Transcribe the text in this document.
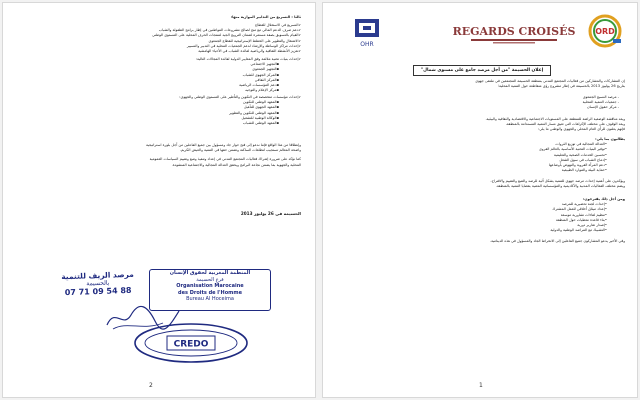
ثالثا : التسريع من التدابير الموازية منها:
✔ التسريع في الاستغلال للقطاع
✔ دعم صرف الدعم المالي مع منح لصالح مشروعات المواطنين في إطار برامج الطفولة والشباب
✔ القيام بالتسويق بصفة مستمرة لضمان الترويج الجيد لمنتجات الحرف المحلية على المستوى الوطني
✔ الاشتغال والتطوير على الخطط الإستراتيجية للقطاع الجمعوي
✔ إحداث مراكز الوساطة والإرشاد لدعم الجمعيات المحلية في التدبير والتسيير
✔ تعزيز الأنشطة الثقافية والرياضية لفائدة الشباب في الأحياء الهامشية
✔ إحداث بنيات تحتية ملائمة وفق المعايير الدولية لفائدة المجالات التالية:
▪ التجهيز الاجتماعي
▪ التجهيز الجمعوي
▪ المركز الجهوي للشباب
▪ المركز الثقافي
▪ دعم المؤسسات الرياضية
▪ مركز الإعلام والتوجيه
✔ إحداث مؤسسات متخصصة في التكوين والتأطير على المستوى الوطني والجهوي:
▪ المعهد الوطني للتكوين
▪ المعهد الجهوي للتأهيل
▪ المعهد الوطني للتكوين والتطوير
▪ الوكالة الوطنية للتشغيل
▪ المعهد الوطني للشباب
وإنطلاقا من هذا الواقع فإننا ندعو إلى فتح حوار جاد ومسؤول بين جميع الفاعلين من أجل بلورة استراتيجية
واضحة المعالم تستجيب لتطلعات الساكنة وتضمن حقها في التنمية والعيش الكريم.
كما نؤكد على ضرورة إشراك فعاليات المجتمع المدني في إعداد وتنفيذ وتتبع وتقييم السياسات العمومية
المحلية والجهوية بما يضمن نجاعة البرامج ويحقق العدالة المجالية والاجتماعية المنشودة.
الحسيمة في 26 يوليوز 2013
مرصد الريف للتنمية
بالحسيمة
07 71 09 54 88
المنظمة المغربية لحقوق الإنسان
فرع الحسيمة
Organisation Marocaine
des Droits de l'Homme
Bureau Al Hoceima
CREDO
2
OHR
REGARDS CROISÉS ORD
إعلان الحسيمة "من أجل مرصد جامع على مستوى شمال"
إن المشاركات والمشاركين من فعاليات المجتمع المدني بمنطقة الحسيمة المجتمعين في ملتقى جهوي
بتاريخ 26 يوليوز 2013 بالحسيمة في إطار مشروع رؤى متقاطعة حول التنمية المحلية؛
- مرصد النسيج الجمعوي
- جمعيات التنمية المحلية
- مركز حقوق الإنسان
وبعد مناقشة الوضعية الراهنة للمنطقة على المستويات الاجتماعية والاقتصادية والثقافية والبيئية،
وبعد الوقوف على مختلف الإكراهات التي تعيق مسار التنمية المستدامة بالمنطقة،
فإنهم يعلنون للرأي العام المحلي والجهوي والوطني ما يلي:
يطالبون بما يلي:
• العدالة المجالية في توزيع الثروات
• توفير البنيات التحتية الأساسية بالعالم القروي
• تحسين الخدمات الصحية والتعليمية
• إدماج الشباب في سوق الشغل
• دعم المرأة القروية والنهوض بأوضاعها
• حماية البيئة والموارد الطبيعية
ويؤكدون على أهمية إحداث مرصد جهوي للتنمية يشكل آلية للرصد والتتبع والتقييم والاقتراح،
ويضم مختلف الفعاليات المدنية والأكاديمية والمؤسساتية المعنية بقضايا التنمية بالمنطقة.
ومن أجل ذلك يقترحون:
• إحداث لجنة تحضيرية للمرصد
• إعداد ميثاق أخلاقي للعمل المشترك
• تنظيم لقاءات تشاورية موسعة
• بناء قاعدة معطيات حول المنطقة
• إصدار تقارير دورية
• التشبيك مع المراصد الوطنية والدولية
وفي الأخير يدعو المشاركون جميع الفاعلين إلى الانخراط الجاد والمسؤول في هذه الدينامية.
1
